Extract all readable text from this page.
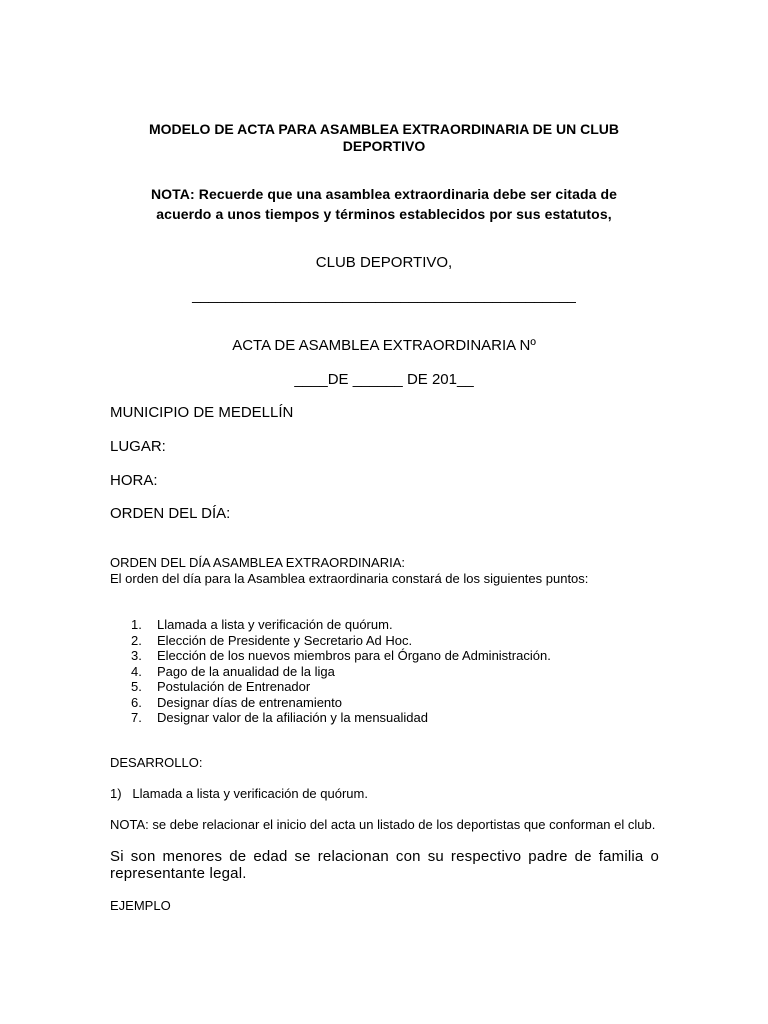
MODELO DE ACTA PARA ASAMBLEA EXTRAORDINARIA DE UN CLUB
DEPORTIVO
NOTA: Recuerde que una asamblea extraordinaria debe ser citada de
acuerdo a unos tiempos y términos establecidos por sus estatutos,
CLUB DEPORTIVO,
______________________________________________
ACTA DE ASAMBLEA EXTRAORDINARIA Nº
____DE ______ DE 201__
MUNICIPIO DE MEDELLÍN
LUGAR:
HORA:
ORDEN DEL DÍA:
ORDEN DEL DÍA ASAMBLEA EXTRAORDINARIA:
El orden del día para la Asamblea extraordinaria constará de los siguientes puntos:
1.	Llamada a lista y verificación de quórum.
2.	Elección de Presidente y Secretario Ad Hoc.
3.	Elección de los nuevos miembros para el Órgano de Administración.
4.	Pago de la anualidad de la liga
5.	Postulación de Entrenador
6.	Designar días de entrenamiento
7.	Designar valor de la afiliación y la mensualidad
DESARROLLO:
1)   Llamada a lista y verificación de quórum.
NOTA: se debe relacionar el inicio del acta un listado de los deportistas que conforman el club.
Si son menores de edad se relacionan con su respectivo padre de familia o representante legal.
EJEMPLO
